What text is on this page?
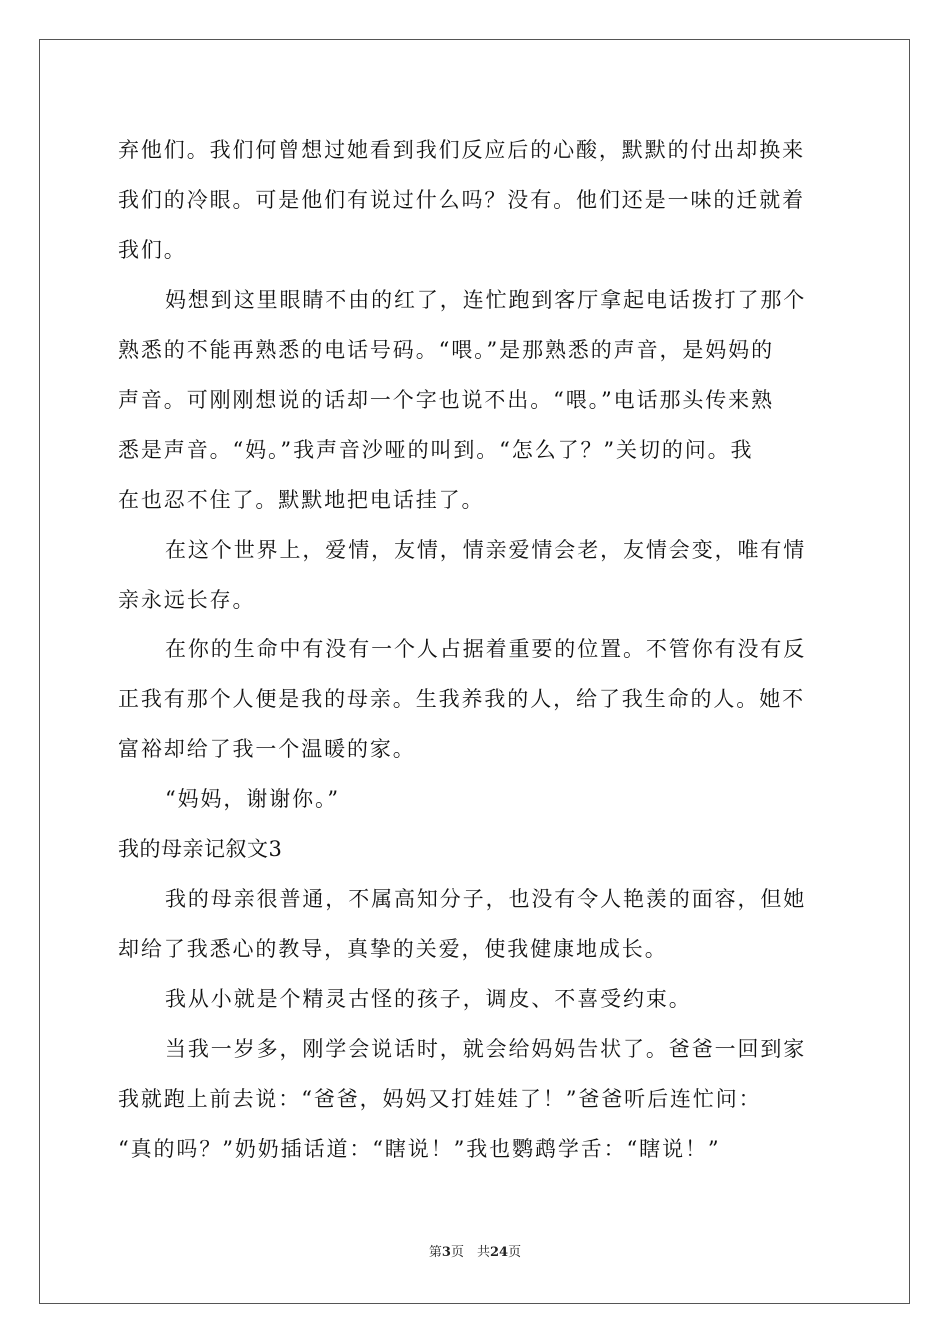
弃他们。我们何曾想过她看到我们反应后的心酸，默默的付出却换来
我们的冷眼。可是他们有说过什么吗？没有。他们还是一味的迁就着
我们。
妈想到这里眼睛不由的红了，连忙跑到客厅拿起电话拨打了那个
熟悉的不能再熟悉的电话号码。“喂。”是那熟悉的声音，是妈妈的
声音。可刚刚想说的话却一个字也说不出。“喂。”电话那头传来熟
悉是声音。“妈。”我声音沙哑的叫到。“怎么了？”关切的问。我
在也忍不住了。默默地把电话挂了。
在这个世界上，爱情，友情，情亲爱情会老，友情会变，唯有情
亲永远长存。
在你的生命中有没有一个人占据着重要的位置。不管你有没有反
正我有那个人便是我的母亲。生我养我的人，给了我生命的人。她不
富裕却给了我一个温暖的家。
“妈妈，谢谢你。”
我的母亲记叙文3
我的母亲很普通，不属高知分子，也没有令人艳羡的面容，但她
却给了我悉心的教导，真挚的关爱，使我健康地成长。
我从小就是个精灵古怪的孩子，调皮、不喜受约束。
当我一岁多，刚学会说话时，就会给妈妈告状了。爸爸一回到家
我就跑上前去说：“爸爸，妈妈又打娃娃了！”爸爸听后连忙问：
“真的吗？”奶奶插话道：“瞎说！”我也鹦鹉学舌：“瞎说！”
第3页　共24页
